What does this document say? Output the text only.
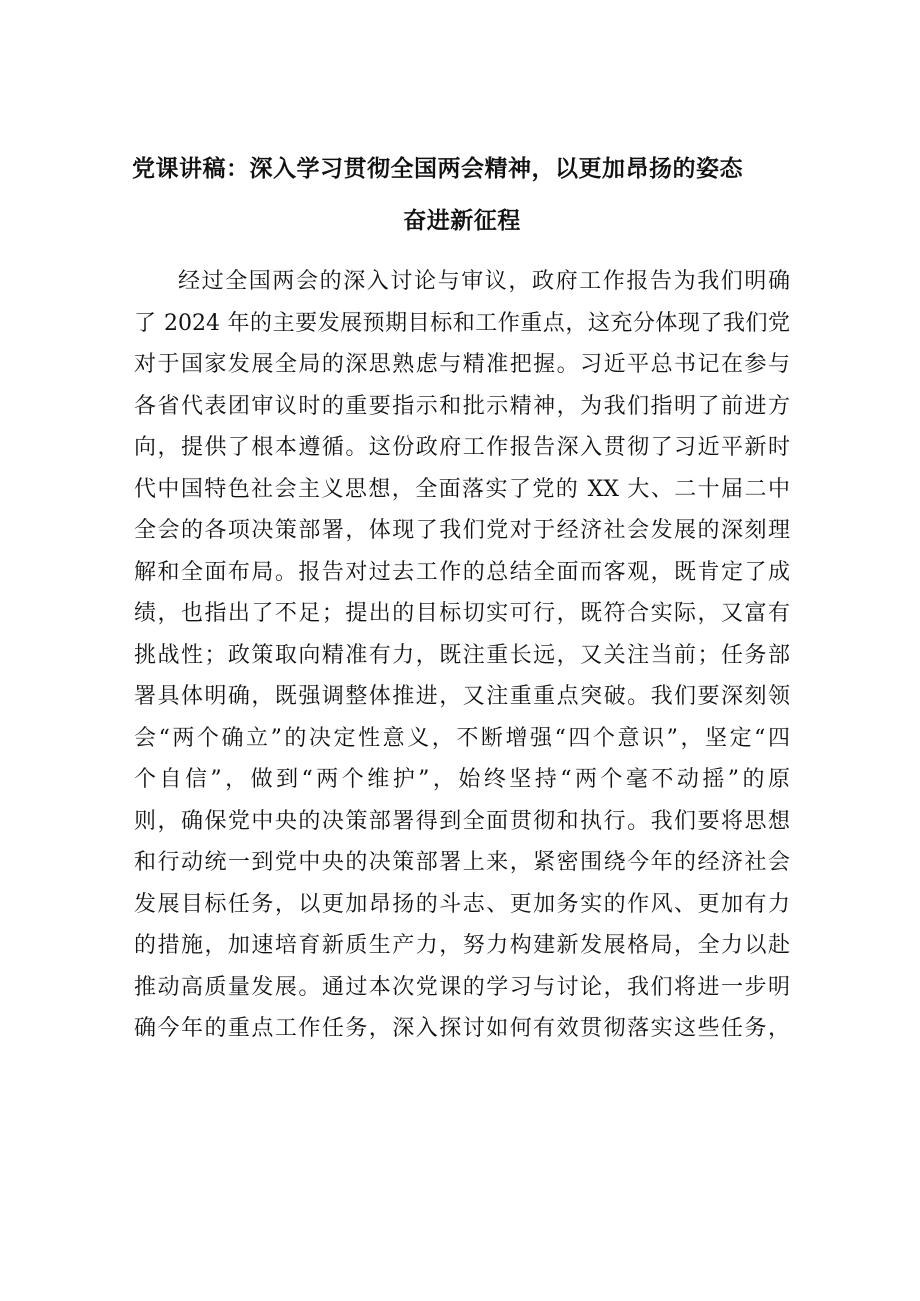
党课讲稿：深入学习贯彻全国两会精神，以更加昂扬的姿态
奋进新征程
经过全国两会的深入讨论与审议，政府工作报告为我们明确
了 2024 年的主要发展预期目标和工作重点，这充分体现了我们党
对于国家发展全局的深思熟虑与精准把握。习近平总书记在参与
各省代表团审议时的重要指示和批示精神，为我们指明了前进方
向，提供了根本遵循。这份政府工作报告深入贯彻了习近平新时
代中国特色社会主义思想，全面落实了党的 XX 大、二十届二中
全会的各项决策部署，体现了我们党对于经济社会发展的深刻理
解和全面布局。报告对过去工作的总结全面而客观，既肯定了成
绩，也指出了不足；提出的目标切实可行，既符合实际，又富有
挑战性；政策取向精准有力，既注重长远，又关注当前；任务部
署具体明确，既强调整体推进，又注重重点突破。我们要深刻领
会“两个确立”的决定性意义，不断增强“四个意识”，坚定“四
个自信”，做到“两个维护”，始终坚持“两个毫不动摇”的原
则，确保党中央的决策部署得到全面贯彻和执行。我们要将思想
和行动统一到党中央的决策部署上来，紧密围绕今年的经济社会
发展目标任务，以更加昂扬的斗志、更加务实的作风、更加有力
的措施，加速培育新质生产力，努力构建新发展格局，全力以赴
推动高质量发展。通过本次党课的学习与讨论，我们将进一步明
确今年的重点工作任务，深入探讨如何有效贯彻落实这些任务，
